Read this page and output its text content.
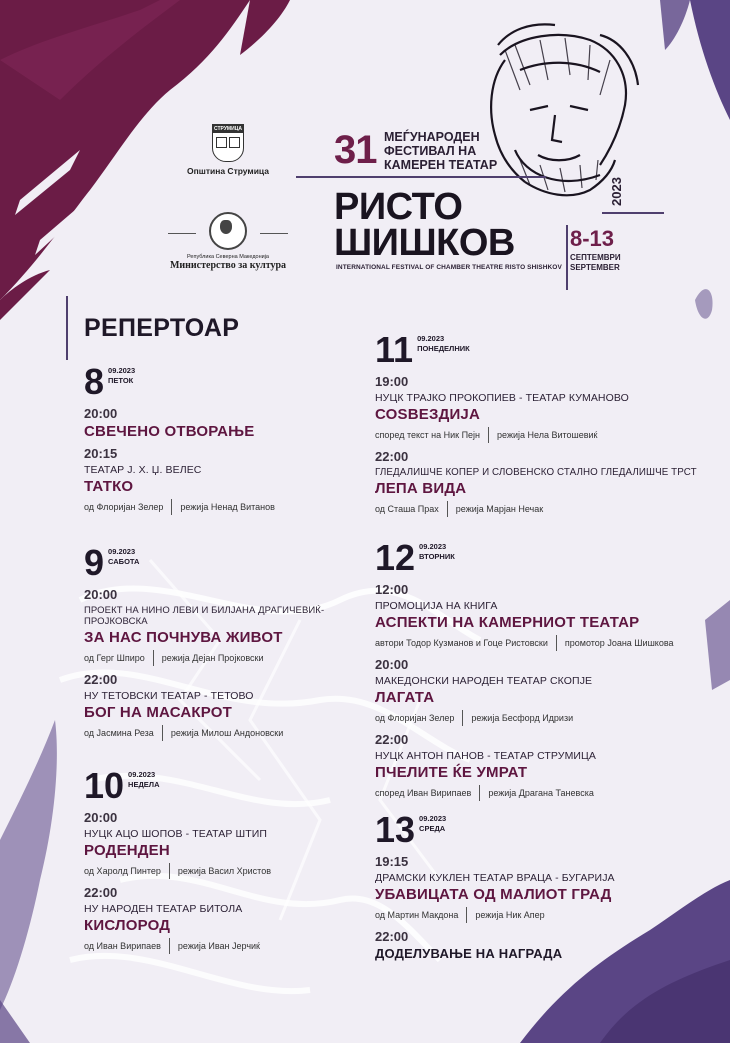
СТРУМИЦА
Општина Струмица
Република Северна Македонија
Министерство за култура
31 МЕЃУНАРОДЕН
ФЕСТИВАЛ НА
КАМЕРЕН ТЕАТАР
РИСТО
ШИШКОВ
INTERNATIONAL FESTIVAL OF CHAMBER THEATRE RISTO SHISHKOV
8-13
СЕПТЕМВРИ
SEPTEMBER
2023
РЕПЕРТОАР
8 09.2023
ПЕТОК
20:00
СВЕЧЕНО ОТВОРАЊЕ
20:15
ТЕАТАР Ј. Х. Џ. ВЕЛЕС
ТАТКО
од Флоријан Зелер режија Ненад Витанов
9 09.2023
САБОТА
20:00
ПРОЕКТ НА НИНО ЛЕВИ И БИЛЈАНА ДРАГИЧЕВИЌ-ПРОЈКОВСКА
ЗА НАС ПОЧНУВА ЖИВОТ
од Герг Шпиро режија Дејан Пројковски
22:00
НУ ТЕТОВСКИ ТЕАТАР - ТЕТОВО
БОГ НА МАСАКРОТ
од Јасмина Реза режија Милош Андоновски
10 09.2023
НЕДЕЛА
20:00
НУЦК АЦО ШОПОВ - ТЕАТАР ШТИП
РОДЕНДЕН
од Харолд Пинтер режија Васил Христов
22:00
НУ НАРОДЕН ТЕАТАР БИТОЛА
КИСЛОРОД
од Иван Вирипаев режија Иван Јерчиќ
11 09.2023
ПОНЕДЕЛНИК
19:00
НУЦК ТРАЈКО ПРОКОПИЕВ - ТЕАТАР КУМАНОВО
СОЅВЕЗДИЈА
според текст на Ник Пејн режија Нела Витошевиќ
22:00
ГЛЕДАЛИШЧЕ КОПЕР И СЛОВЕНСКО СТАЛНО ГЛЕДАЛИШЧЕ ТРСТ
ЛЕПА ВИДА
од Сташа Прах режија Марјан Нечак
12 09.2023
ВТОРНИК
12:00
ПРОМОЦИЈА НА КНИГА
АСПЕКТИ НА КАМЕРНИОТ ТЕАТАР
автори Тодор Кузманов и Гоце Ристовски промотор Јоана Шишкова
20:00
МАКЕДОНСКИ НАРОДЕН ТЕАТАР СКОПЈЕ
ЛАГАТА
од Флоријан Зелер режија Бесфорд Идризи
22:00
НУЦК АНТОН ПАНОВ - ТЕАТАР СТРУМИЦА
ПЧЕЛИТЕ ЌЕ УМРАТ
според Иван Вирипаев режија Драгана Таневска
13 09.2023
СРЕДА
19:15
ДРАМСКИ КУКЛЕН ТЕАТАР ВРАЦА - БУГАРИЈА
УБАВИЦАТА ОД МАЛИОТ ГРАД
од Мартин Макдона режија Ник Апер
22:00
ДОДЕЛУВАЊЕ НА НАГРАДА
